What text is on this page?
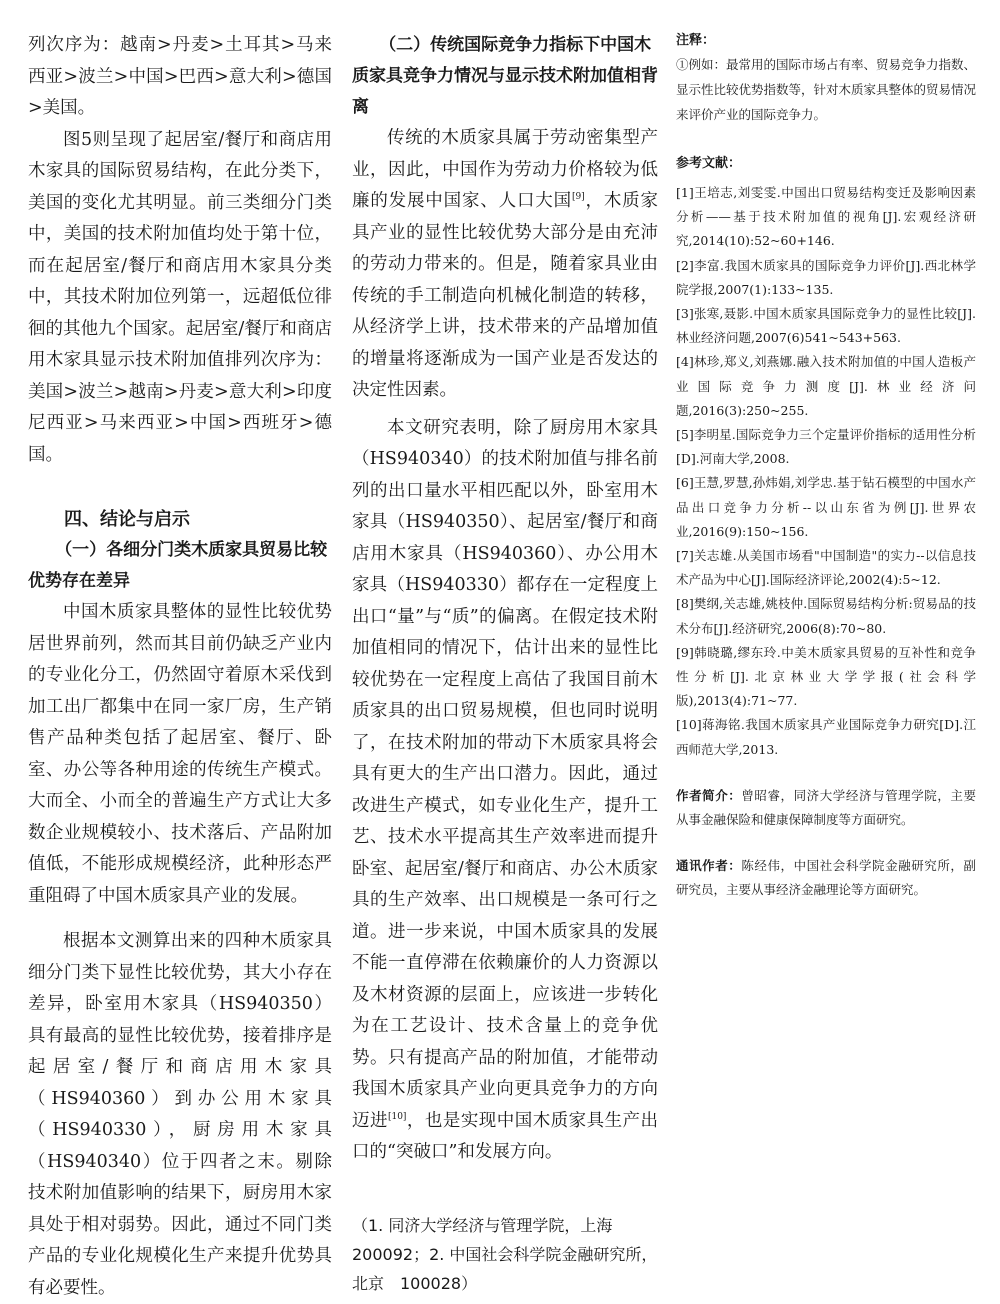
列次序为：越南>丹麦>土耳其>马来西亚>波兰>中国>巴西>意大利>德国>美国。

图5则呈现了起居室/餐厅和商店用木家具的国际贸易结构，在此分类下，美国的变化尤其明显。前三类细分门类中，美国的技术附加值均处于第十位，而在起居室/餐厅和商店用木家具分类中，其技术附加位列第一，远超低位徘徊的其他九个国家。起居室/餐厅和商店用木家具显示技术附加值排列次序为：美国>波兰>越南>丹麦>意大利>印度尼西亚>马来西亚>中国>西班牙>德国。

四、结论与启示

（一）各细分门类木质家具贸易比较优势存在差异

中国木质家具整体的显性比较优势居世界前列，然而其目前仍缺乏产业内的专业化分工，仍然固守着原木采伐到加工出厂都集中在同一家厂房，生产销售产品种类包括了起居室、餐厅、卧室、办公等各种用途的传统生产模式。大而全、小而全的普遍生产方式让大多数企业规模较小、技术落后、产品附加值低，不能形成规模经济，此种形态严重阻碍了中国木质家具产业的发展。

根据本文测算出来的四种木质家具细分门类下显性比较优势，其大小存在差异，卧室用木家具（HS940350）具有最高的显性比较优势，接着排序是起居室/餐厅和商店用木家具（HS940360）到办公用木家具（HS940330），厨房用木家具（HS940340）位于四者之末。剔除技术附加值影响的结果下，厨房用木家具处于相对弱势。因此，通过不同门类产品的专业化规模化生产来提升优势具有必要性。

（二）传统国际竞争力指标下中国木质家具竞争力情况与显示技术附加值相背离

传统的木质家具属于劳动密集型产业，因此，中国作为劳动力价格较为低廉的发展中国家、人口大国[9]，木质家具产业的显性比较优势大部分是由充沛的劳动力带来的。但是，随着家具业由传统的手工制造向机械化制造的转移，从经济学上讲，技术带来的产品增加值的增量将逐渐成为一国产业是否发达的决定性因素。

本文研究表明，除了厨房用木家具（HS940340）的技术附加值与排名前列的出口量水平相匹配以外，卧室用木家具（HS940350）、起居室/餐厅和商店用木家具（HS940360）、办公用木家具（HS940330）都存在一定程度上出口“量”与“质”的偏离。在假定技术附加值相同的情况下，估计出来的显性比较优势在一定程度上高估了我国目前木质家具的出口贸易规模，但也同时说明了，在技术附加的带动下木质家具将会具有更大的生产出口潜力。因此，通过改进生产模式，如专业化生产，提升工艺、技术水平提高其生产效率进而提升卧室、起居室/餐厅和商店、办公木质家具的生产效率、出口规模是一条可行之道。进一步来说，中国木质家具的发展不能一直停滞在依赖廉价的人力资源以及木材资源的层面上，应该进一步转化为在工艺设计、技术含量上的竞争优势。只有提高产品的附加值，才能带动我国木质家具产业向更具竞争力的方向迈进[10]，也是实现中国木质家具生产出口的“突破口”和发展方向。

（1. 同济大学经济与管理学院，上海 200092；2. 中国社会科学院金融研究所，北京　100028）

注释：

①例如：最常用的国际市场占有率、贸易竞争力指数、显示性比较优势指数等，针对木质家具整体的贸易情况来评价产业的国际竞争力。

参考文献：

[1]王培志,刘雯雯.中国出口贸易结构变迁及影响因素分析——基于技术附加值的视角[J].宏观经济研究,2014(10):52~60+146.

[2]李富.我国木质家具的国际竞争力评价[J].西北林学院学报,2007(1):133~135.

[3]张寒,聂影.中国木质家具国际竞争力的显性比较[J].林业经济问题,2007(6)541~543+563.

[4]林珍,郑义,刘燕娜.融入技术附加值的中国人造板产业国际竞争力测度[J].林业经济问题,2016(3):250~255.

[5]李明星.国际竞争力三个定量评价指标的适用性分析[D].河南大学,2008.

[6]王慧,罗慧,孙炜娟,刘学忠.基于钻石模型的中国水产品出口竞争力分析--以山东省为例[J].世界农业,2016(9):150~156.

[7]关志雄.从美国市场看"中国制造"的实力--以信息技术产品为中心[J].国际经济评论,2002(4):5~12.

[8]樊纲,关志雄,姚枝仲.国际贸易结构分析:贸易品的技术分布[J].经济研究,2006(8):70~80.

[9]韩晓璐,缪东玲.中美木质家具贸易的互补性和竞争性分析[J].北京林业大学学报(社会科学版),2013(4):71~77.

[10]蒋海铭.我国木质家具产业国际竞争力研究[D].江西师范大学,2013.

作者简介：曾昭睿，同济大学经济与管理学院，主要从事金融保险和健康保障制度等方面研究。

通讯作者：陈经伟，中国社会科学院金融研究所，副研究员，主要从事经济金融理论等方面研究。
